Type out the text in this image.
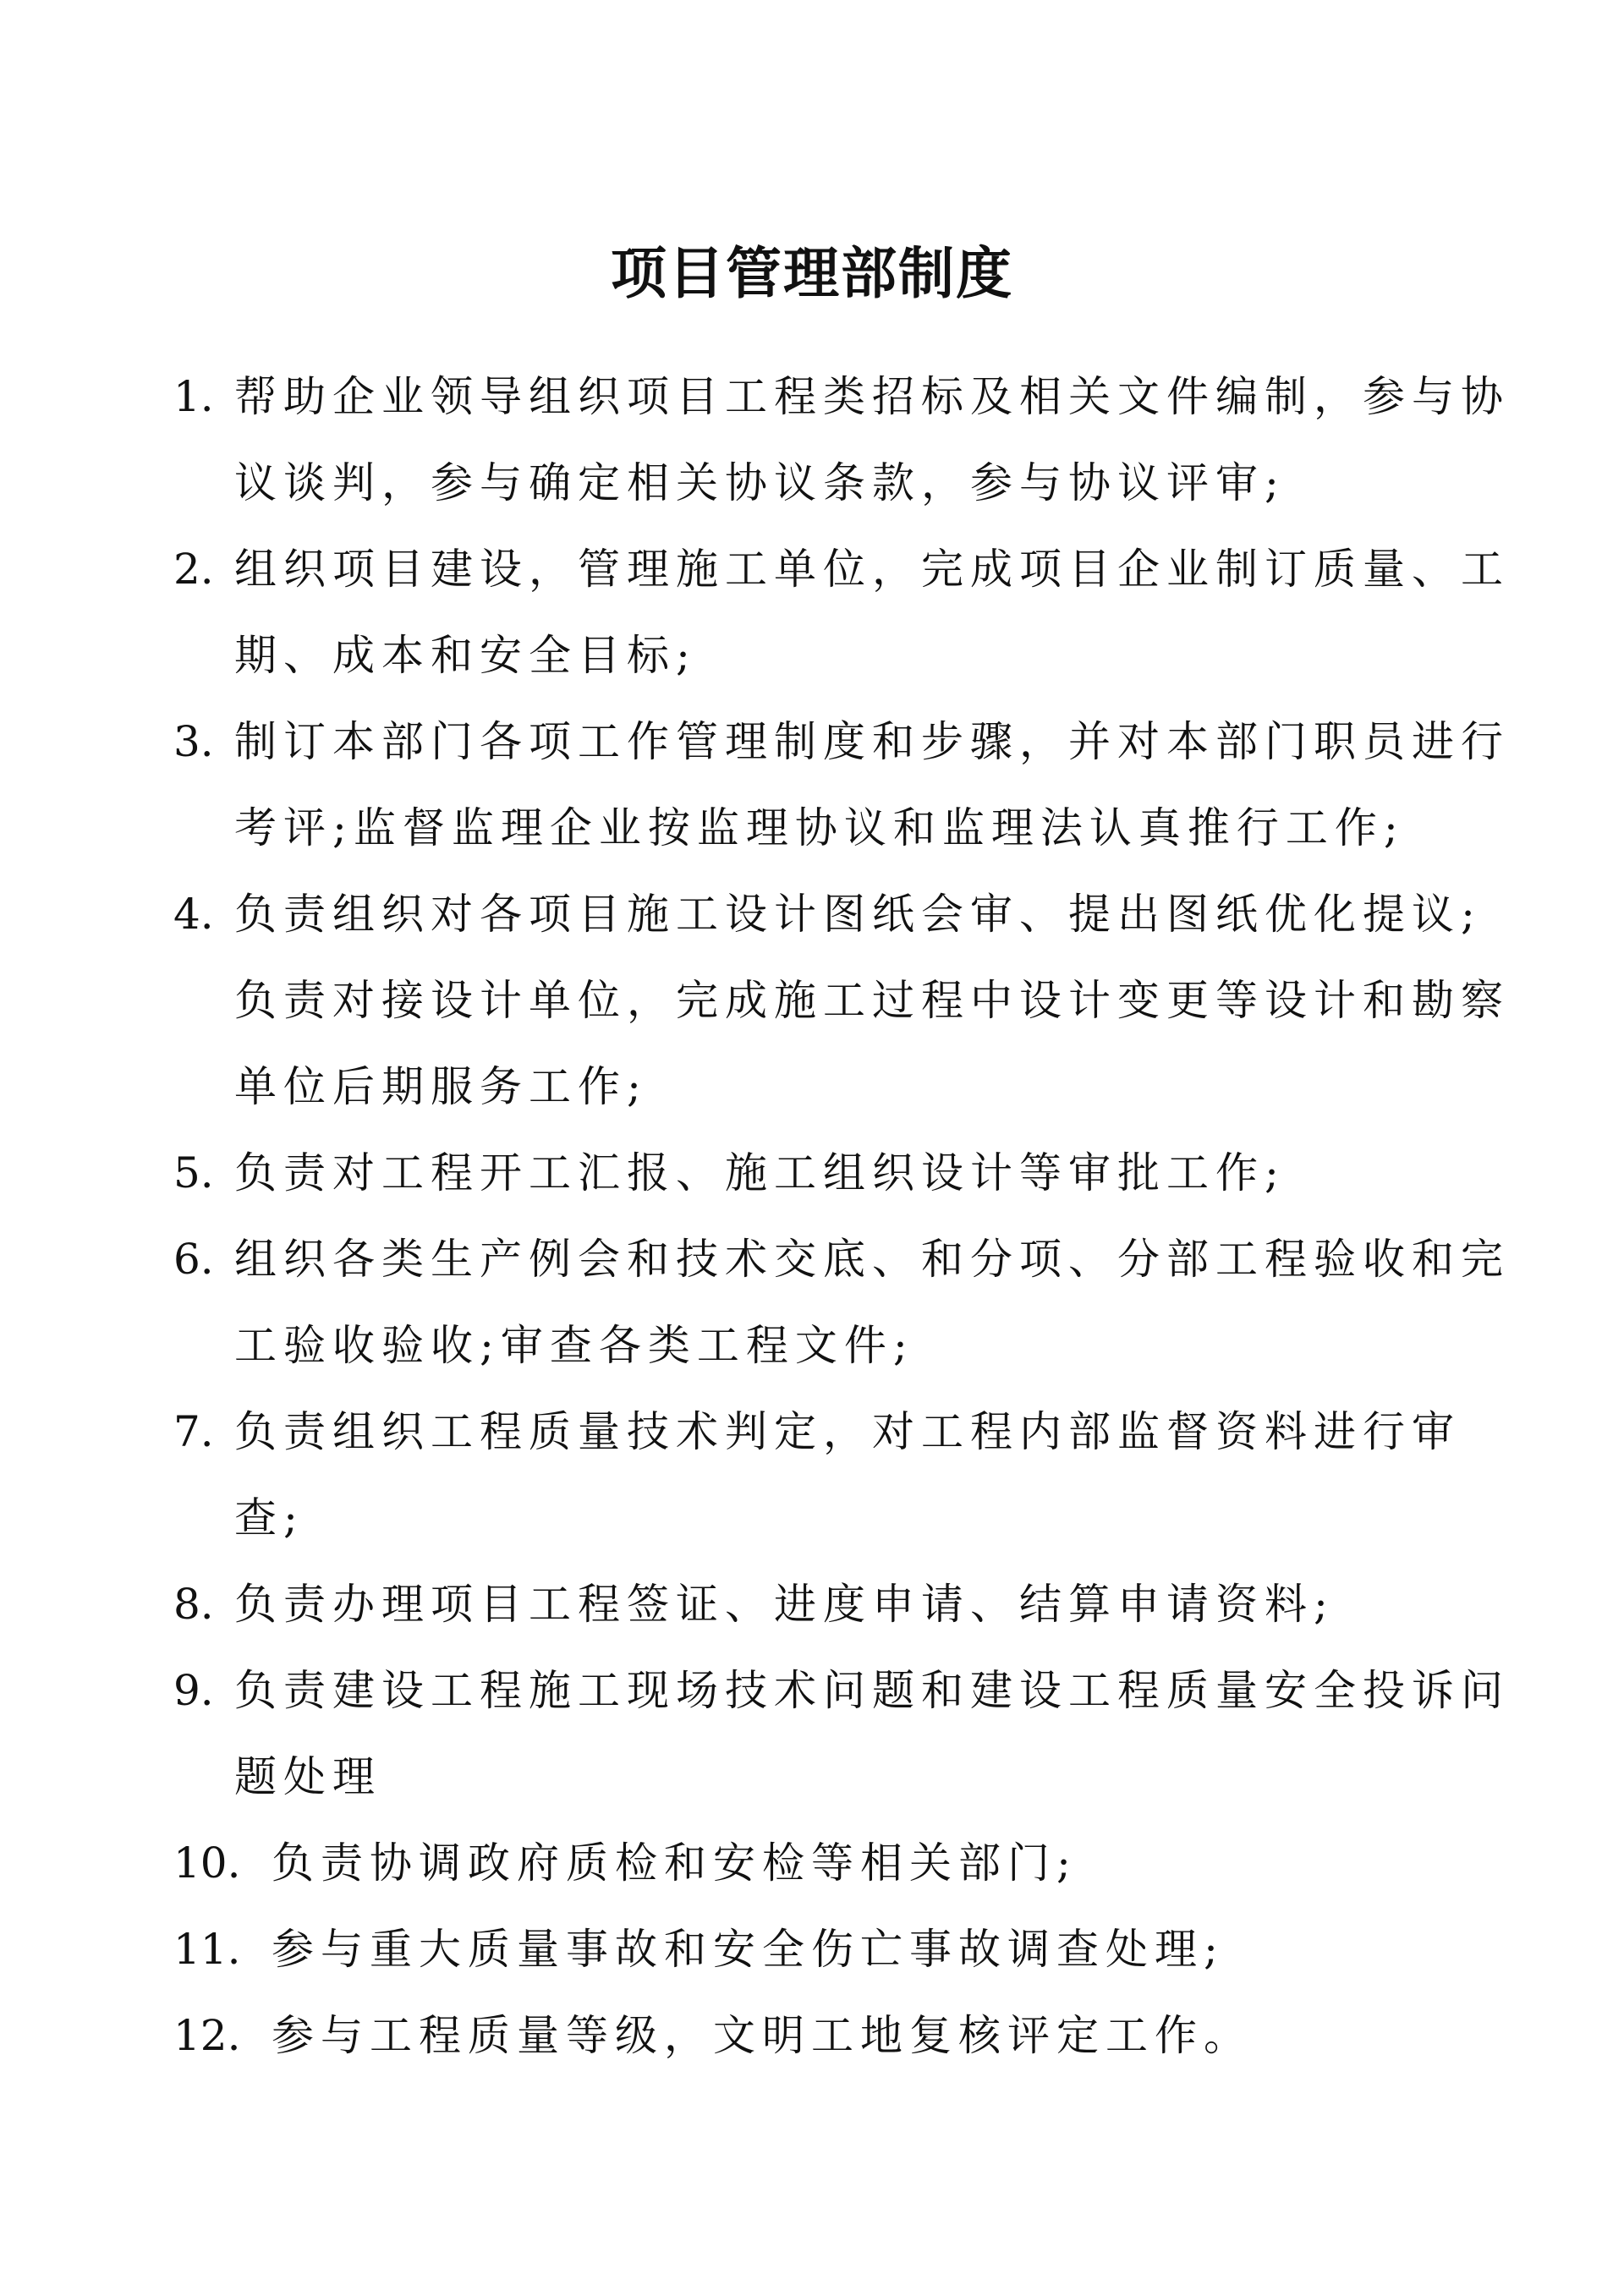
项目管理部制度
1. 帮助企业领导组织项目工程类招标及相关文件编制，参与协议谈判，参与确定相关协议条款，参与协议评审;
2. 组织项目建设，管理施工单位，完成项目企业制订质量、工期、成本和安全目标;
3. 制订本部门各项工作管理制度和步骤，并对本部门职员进行考评;监督监理企业按监理协议和监理法认真推行工作;
4. 负责组织对各项目施工设计图纸会审、提出图纸优化提议;负责对接设计单位，完成施工过程中设计变更等设计和勘察单位后期服务工作;
5. 负责对工程开工汇报、施工组织设计等审批工作;
6. 组织各类生产例会和技术交底、和分项、分部工程验收和完工验收验收;审查各类工程文件;
7. 负责组织工程质量技术判定，对工程内部监督资料进行审查;
8. 负责办理项目工程签证、进度申请、结算申请资料;
9. 负责建设工程施工现场技术问题和建设工程质量安全投诉问题处理
10. 负责协调政府质检和安检等相关部门;
11. 参与重大质量事故和安全伤亡事故调查处理;
12. 参与工程质量等级，文明工地复核评定工作。
